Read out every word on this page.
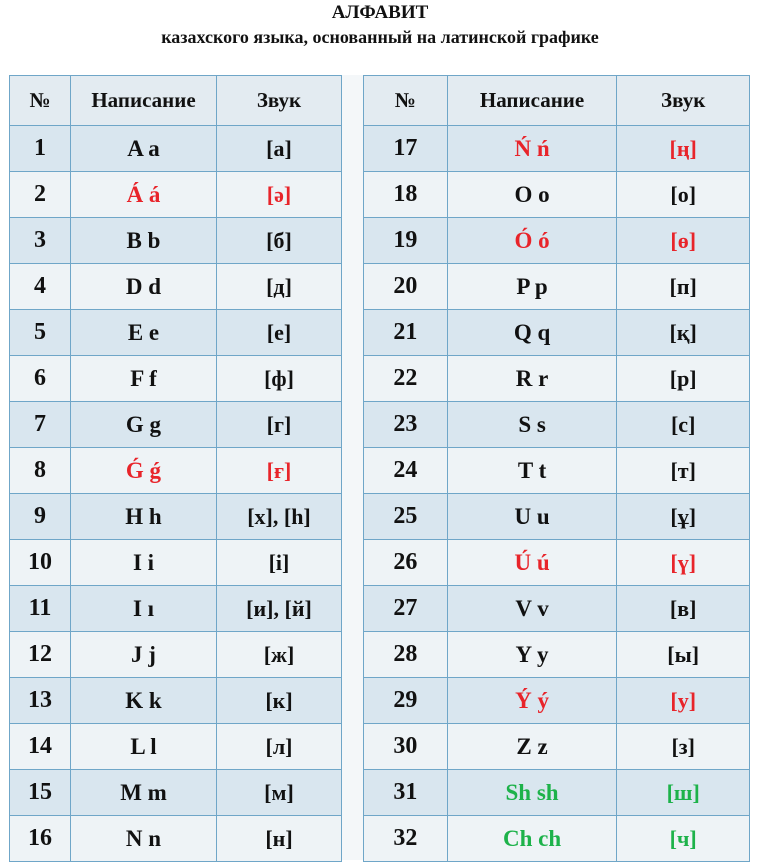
АЛФАВИТ
казахского языка, основанный на латинской графике
№	Написание	Звук
1	A a	[а]
2	Á á	[ә]
3	B b	[б]
4	D d	[д]
5	E e	[е]
6	F f	[ф]
7	G g	[г]
8	Ǵ ǵ	[ғ]
9	H h	[х], [һ]
10	I i	[і]
11	I ı	[и], [й]
12	J j	[ж]
13	K k	[к]
14	L l	[л]
15	M m	[м]
16	N n	[н]
№	Написание	Звук
17	Ń ń	[ң]
18	O o	[о]
19	Ó ó	[ө]
20	P p	[п]
21	Q q	[қ]
22	R r	[р]
23	S s	[с]
24	T t	[т]
25	U u	[ұ]
26	Ú ú	[ү]
27	V v	[в]
28	Y y	[ы]
29	Ý ý	[у]
30	Z z	[з]
31	Sh sh	[ш]
32	Ch ch	[ч]
